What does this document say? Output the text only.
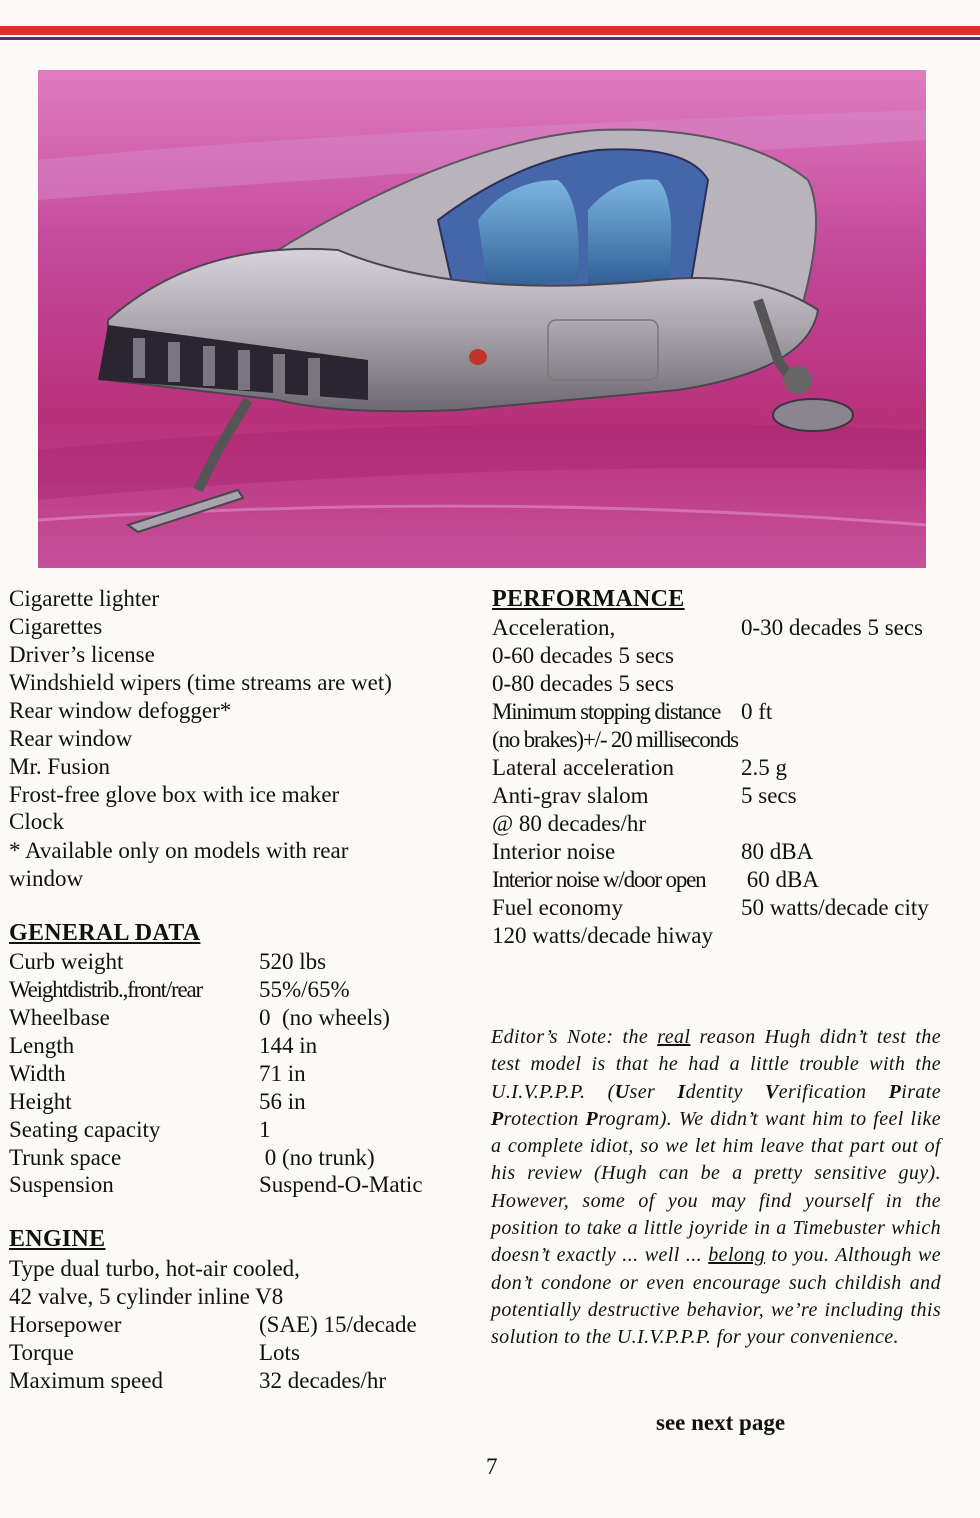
Cigarette lighter
Cigarettes
Driver’s license
Windshield wipers (time streams are wet)
Rear window defogger*
Rear window
Mr. Fusion
Frost-free glove box with ice maker
Clock
* Available only on models with rear
window
GENERAL DATA
Curb weight	520 lbs
Weightdistrib.,front/rear 55%/65%
Wheelbase	0  (no wheels)
Length	144 in
Width	71 in
Height	56 in
Seating capacity	1
Trunk space	0 (no trunk)
Suspension	Suspend-O-Matic
ENGINE
Type dual turbo, hot-air cooled,
42 valve, 5 cylinder inline V8
Horsepower	(SAE) 15/decade
Torque	Lots
Maximum speed	32 decades/hr
PERFORMANCE
Acceleration,	0-30 decades 5 secs
0-60 decades 5 secs
0-80 decades 5 secs
Minimum stopping distance 0 ft
(no brakes)+/- 20 milliseconds
Lateral acceleration	2.5 g
Anti-grav slalom	5 secs
@ 80 decades/hr
Interior noise	80 dBA
Interior noise w/door open 60 dBA
Fuel economy	50 watts/decade city
120 watts/decade hiway
Editor’s Note: the real reason Hugh didn’t test the test model is that he had a little trouble with the U.I.V.P.P.P. (User Identity Verification Pirate Protection Program). We didn’t want him to feel like a complete idiot, so we let him leave that part out of his review (Hugh can be a pretty sensitive guy). However, some of you may find yourself in the position to take a little joyride in a Timebuster which doesn’t exactly ... well ... belong to you. Although we don’t condone or even encourage such childish and potentially destructive behavior, we’re including this solution to the U.I.V.P.P.P. for your convenience.
see next page
7
